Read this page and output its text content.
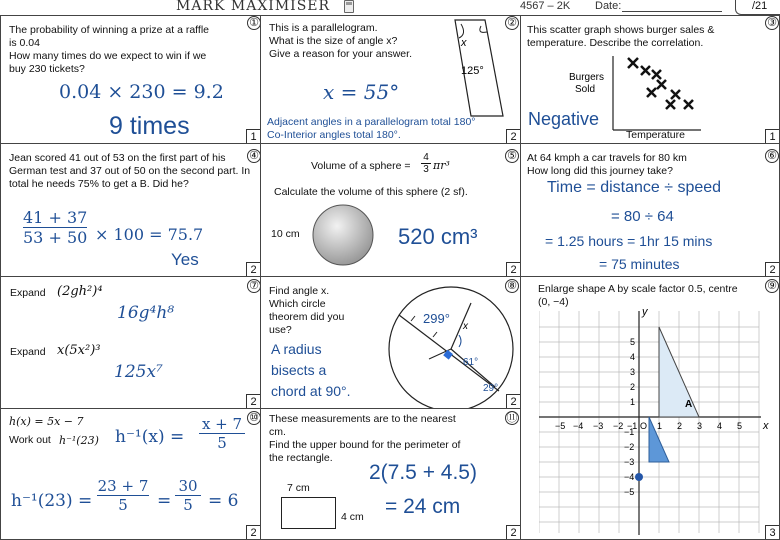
MARK MAXIMISER	4567 – 2K Date:	/21
The probability of winning a prize at a raffle is 0.04
How many times do we expect to win if we buy 230 tickets?
0.04 × 230 = 9.2
9 times
①
1
This is a parallelogram.
What is the size of angle x?
Give a reason for your answer.
x
125°
x = 55°
Adjacent angles in a parallelogram total 180°
Co-Interior angles total 180°.
②
2
This scatter graph shows burger sales & temperature. Describe the correlation.
Burgers
Sold
Negative
Temperature
③
1
Jean scored 41 out of 53 on the first part of his German test and 37 out of 50 on the second part. In total he needs 75% to get a B. Did he?
$\frac{41 + 37}{53 + 50} \times 100 = 75.7$
Yes
④
2
Volume of a sphere = $\frac{4}{3} \pi r^3$
Calculate the volume of this sphere (2 sf).
10 cm	520 cm³
⑤
2
At 64 kmph a car travels for 80 km
How long did this journey take?
Time = distance ÷ speed
= 80 ÷ 64
= 1.25 hours = 1hr 15 mins
= 75 minutes
⑥
2
Expand (2gh²)⁴
16g⁴h⁸
Expand x(5x²)³
125x⁷
⑦
2
Find angle x.
Which circle theorem did you use?
299°
x
61°
29°
A radius
bisects a
chord at 90°.
⑧
2
Enlarge shape A by scale factor 0.5, centre (0, −4)
A
x
y
−5 −4 −3 −2 −1 O 1 2 3 4 5
5
4
3
2
1
−1
−2
−3
−4
−5
⑨
3
h(x) = 5x − 7
Work out h⁻¹(23) $h^{-1}(x) = \frac{x + 7}{5}$
$h^{-1}(23) = \frac{23 + 7}{5} = \frac{30}{5} = 6$
⑩
2
These measurements are to the nearest cm.
Find the upper bound for the perimeter of the rectangle.
7 cm
4 cm
2(7.5 + 4.5)
= 24 cm
⑪
2
